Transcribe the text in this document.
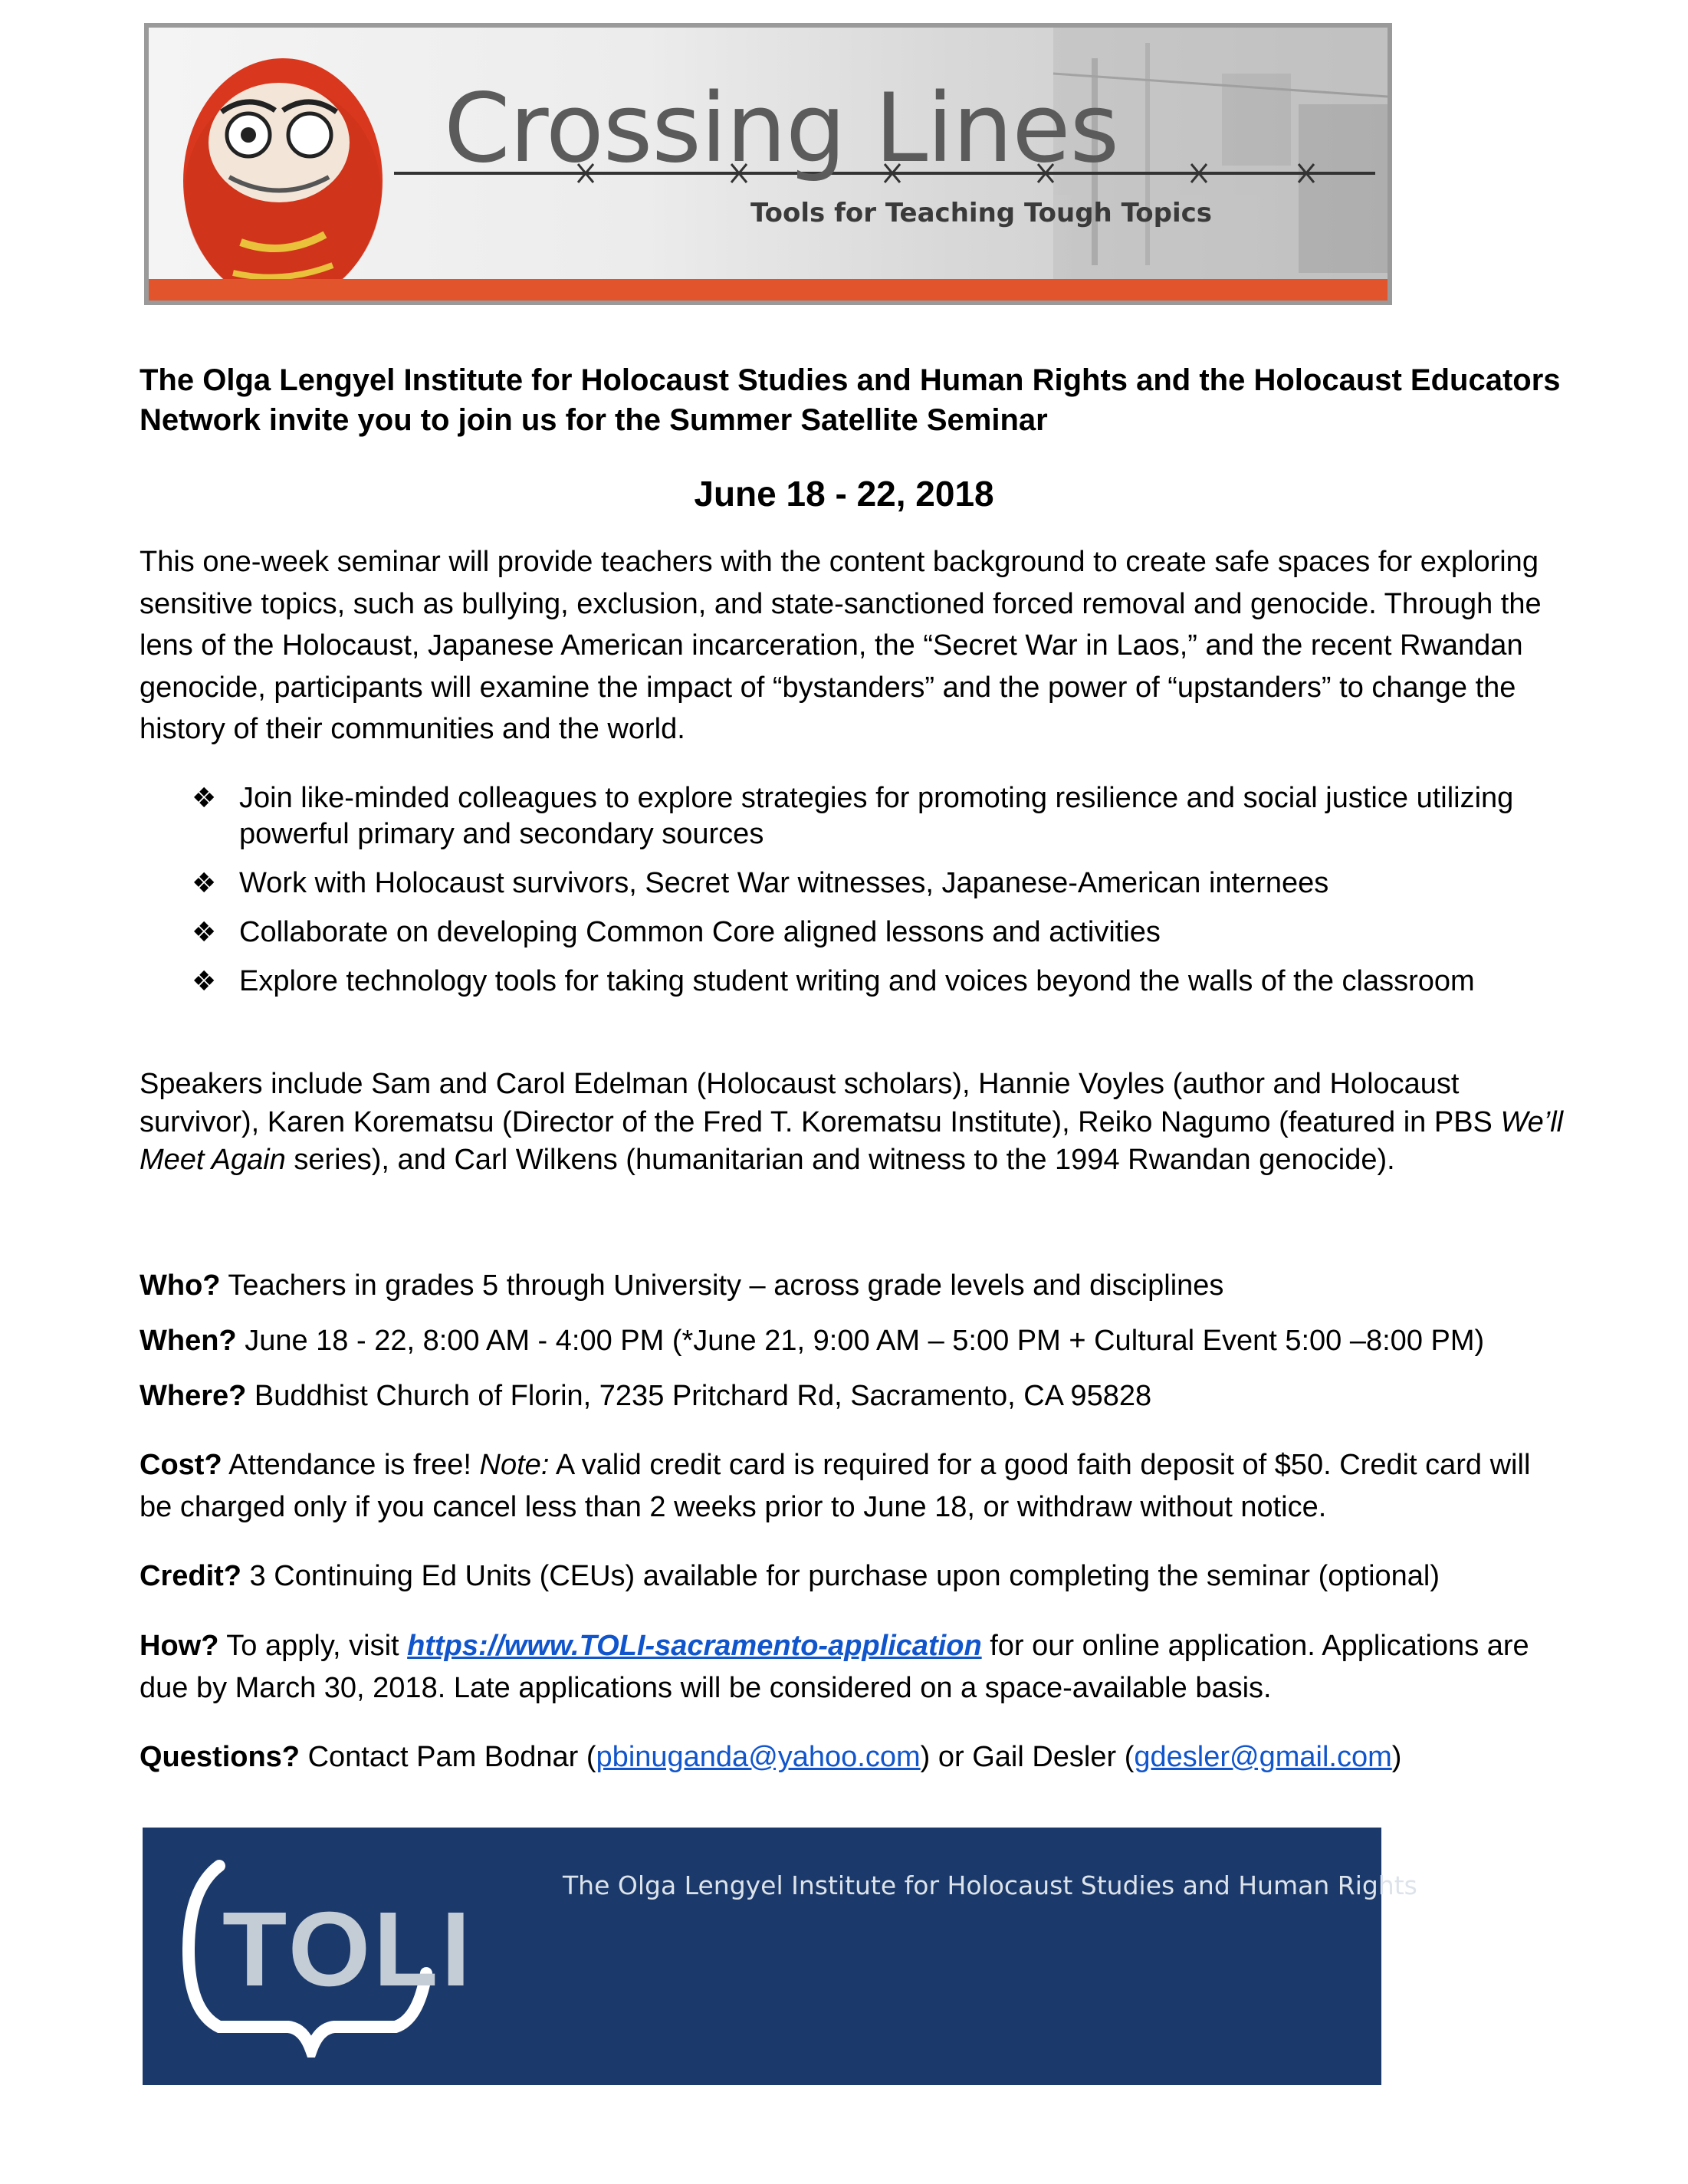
Crossing Lines
Tools for Teaching Tough Topics
The Olga Lengyel Institute for Holocaust Studies and Human Rights and the Holocaust Educators Network invite you to join us for the Summer Satellite Seminar
June 18 - 22, 2018
This one-week seminar will provide teachers with the content background to create safe spaces for exploring sensitive topics, such as bullying, exclusion, and state-sanctioned forced removal and genocide. Through the lens of the Holocaust, Japanese American incarceration, the “Secret War in Laos,” and the recent Rwandan genocide, participants will examine the impact of “bystanders” and the power of “upstanders” to change the history of their communities and the world.
❖ Join like-minded colleagues to explore strategies for promoting resilience and social justice utilizing powerful primary and secondary sources
❖ Work with Holocaust survivors, Secret War witnesses, Japanese-American internees
❖ Collaborate on developing Common Core aligned lessons and activities
❖ Explore technology tools for taking student writing and voices beyond the walls of the classroom
Speakers include Sam and Carol Edelman (Holocaust scholars), Hannie Voyles (author and Holocaust survivor), Karen Korematsu (Director of the Fred T. Korematsu Institute), Reiko Nagumo (featured in PBS We’ll Meet Again series), and Carl Wilkens (humanitarian and witness to the 1994 Rwandan genocide).
Who? Teachers in grades 5 through University – across grade levels and disciplines
When? June 18 - 22, 8:00 AM - 4:00 PM (*June 21, 9:00 AM – 5:00 PM + Cultural Event 5:00 –8:00 PM)
Where? Buddhist Church of Florin, 7235 Pritchard Rd, Sacramento, CA 95828
Cost? Attendance is free! Note: A valid credit card is required for a good faith deposit of $50. Credit card will be charged only if you cancel less than 2 weeks prior to June 18, or withdraw without notice.
Credit? 3 Continuing Ed Units (CEUs) available for purchase upon completing the seminar (optional)
How? To apply, visit https://www.TOLI-sacramento-application for our online application. Applications are due by March 30, 2018. Late applications will be considered on a space-available basis.
Questions? Contact Pam Bodnar (pbinuganda@yahoo.com) or Gail Desler (gdesler@gmail.com)
TOLI
The Olga Lengyel Institute for Holocaust Studies and Human Rights
